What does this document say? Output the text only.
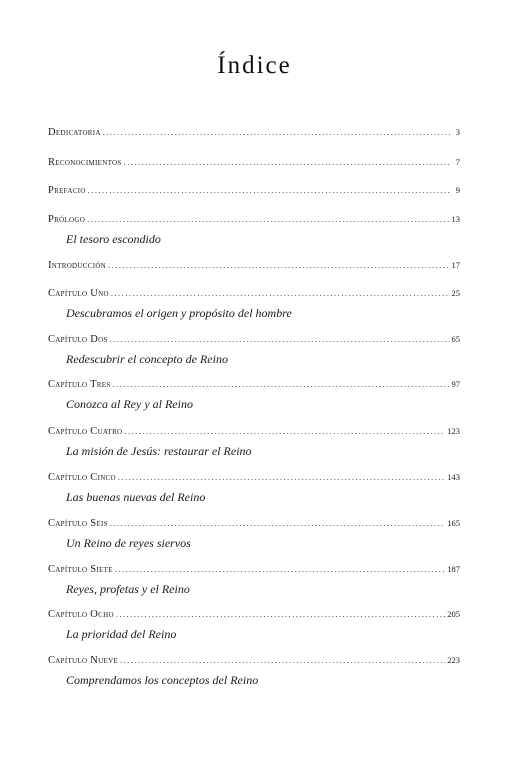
Índice
Dedicatoria .....	3
Reconocimientos .....	7
Prefacio .....	9
Prólogo .....	13
El tesoro escondido
Introducción .....	17
Capítulo Uno .....	25
Descubramos el origen y propósito del hombre
Capítulo Dos .....	65
Redescubrir el concepto de Reino
Capítulo Tres .....	97
Conozca al Rey y al Reino
Capítulo Cuatro .....	123
La misión de Jesús: restaurar el Reino
Capítulo Cinco .....	143
Las buenas nuevas del Reino
Capítulo Seis .....	165
Un Reino de reyes siervos
Capítulo Siete .....	187
Reyes, profetas y el Reino
Capítulo Ocho .....	205
La prioridad del Reino
Capítulo Nueve .....	223
Comprendamos los conceptos del Reino
